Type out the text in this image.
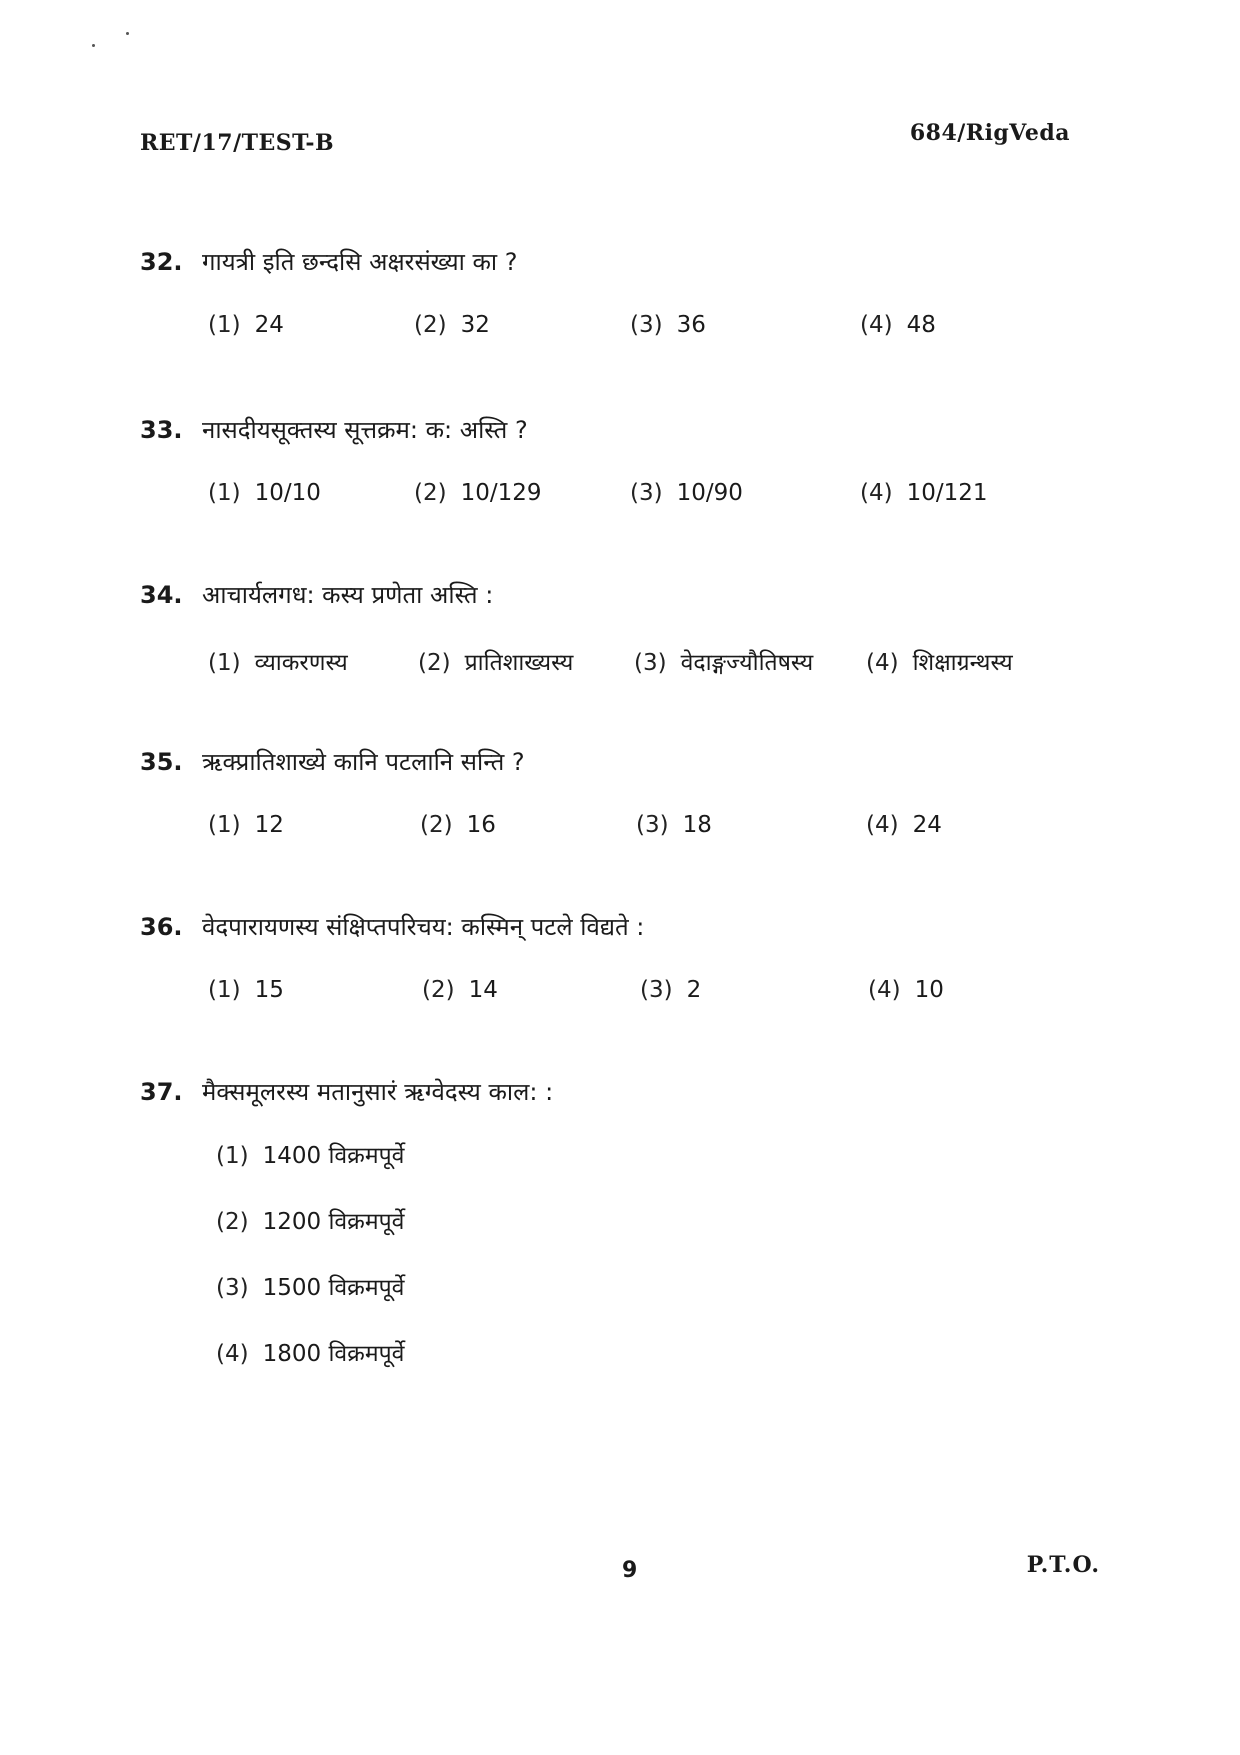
RET/17/TEST-B	684/RigVeda
32. गायत्री इति छन्दसि अक्षरसंख्या का ?
(1) 24	(2) 32	(3) 36	(4) 48
33. नासदीयसूक्तस्य सूत्तक्रम: क: अस्ति ?
(1) 10/10	(2) 10/129	(3) 10/90	(4) 10/121
34. आचार्यलगध: कस्य प्रणेता अस्ति :
(1) व्याकरणस्य	(2) प्रातिशाख्यस्य	(3) वेदाङ्गज्यौतिषस्य (4) शिक्षाग्रन्थस्य
35. ऋक्प्रातिशाख्ये कानि पटलानि सन्ति ?
(1) 12	(2) 16	(3) 18	(4) 24
36. वेदपारायणस्य संक्षिप्तपरिचय: कस्मिन् पटले विद्यते :
(1) 15	(2) 14	(3) 2	(4) 10
37. मैक्समूलरस्य मतानुसारं ऋग्वेदस्य काल: :
(1) 1400 विक्रमपूर्वे
(2) 1200 विक्रमपूर्वे
(3) 1500 विक्रमपूर्वे
(4) 1800 विक्रमपूर्वे
9	P.T.O.
